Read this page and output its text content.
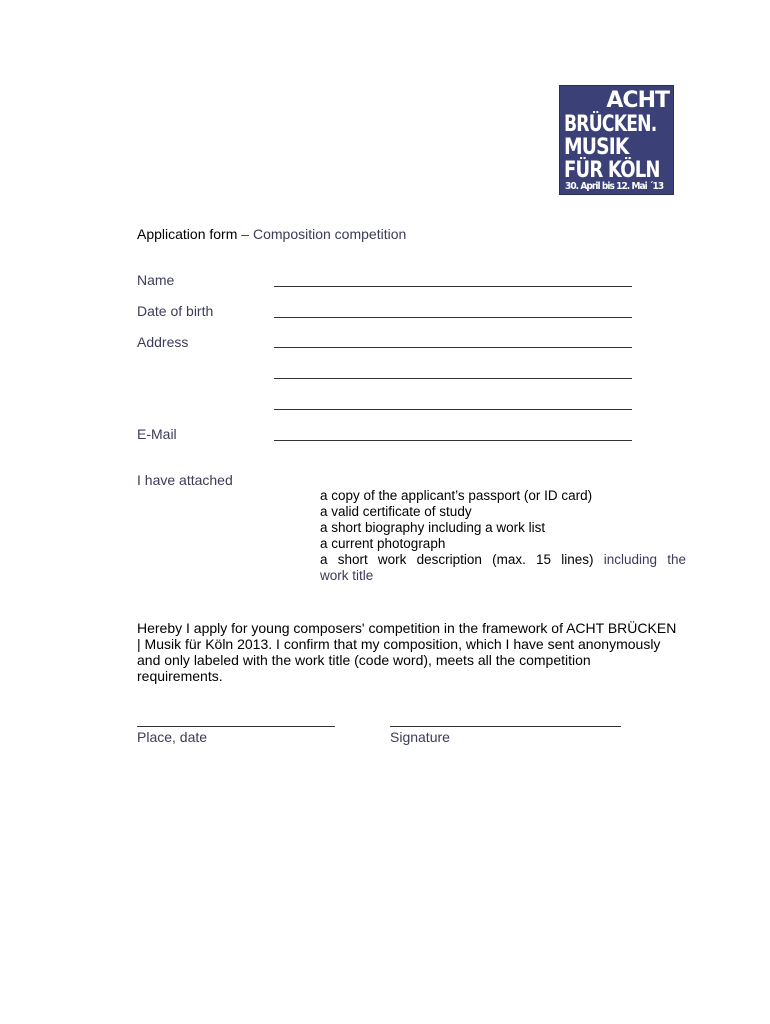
ACHT
BRÜCKEN.
MUSIK
FÜR KÖLN
30. April bis 12. Mai ´13
Application form – Composition competition
Name
Date of birth
Address
E-Mail
I have attached
a copy of the applicant’s passport (or ID card)
a valid certificate of study
a short biography including a work list
a current photograph
a short work description (max. 15 lines) including the
work title
Hereby I apply for young composers' competition in the framework of ACHT BRÜCKEN | Musik für Köln 2013. I confirm that my composition, which I have sent anonymously and only labeled with the work title (code word), meets all the competition requirements.
Place, date	Signature
